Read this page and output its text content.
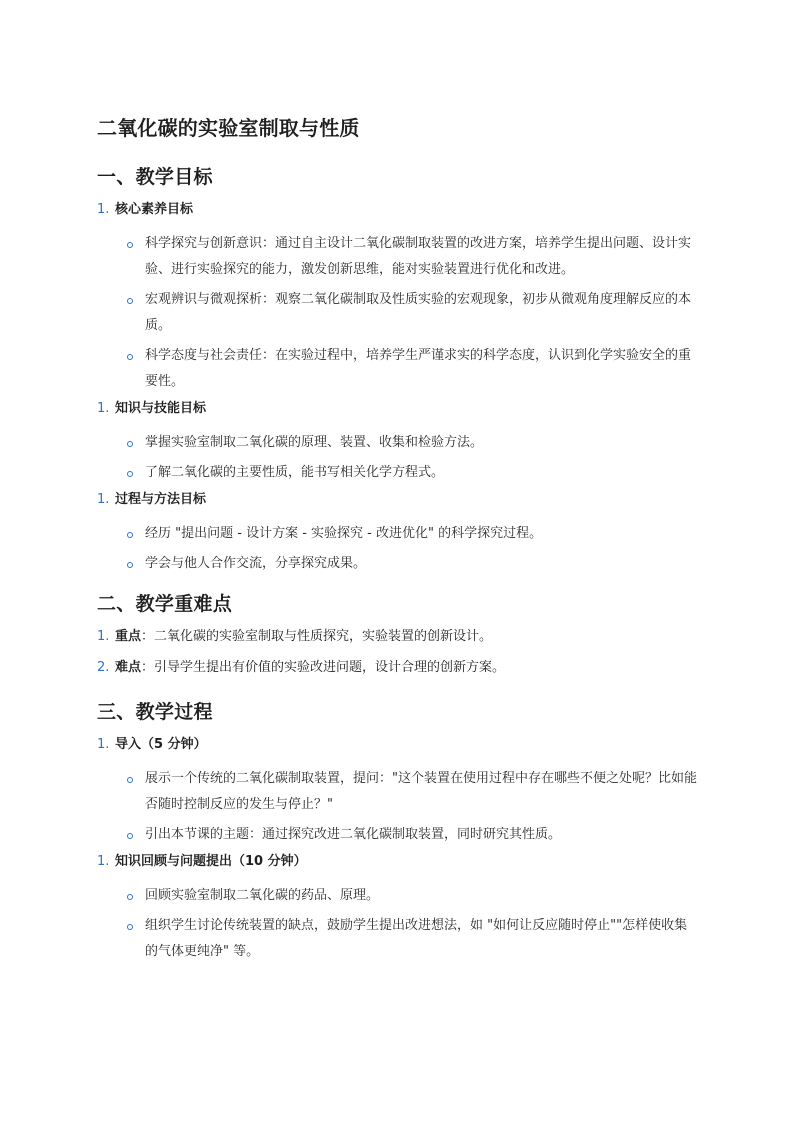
二氧化碳的实验室制取与性质
一、教学目标
1. 核心素养目标
科学探究与创新意识：通过自主设计二氧化碳制取装置的改进方案，培养学生提出问题、设计实验、进行实验探究的能力，激发创新思维，能对实验装置进行优化和改进。
宏观辨识与微观探析：观察二氧化碳制取及性质实验的宏观现象，初步从微观角度理解反应的本质。
科学态度与社会责任：在实验过程中，培养学生严谨求实的科学态度，认识到化学实验安全的重要性。
1. 知识与技能目标
掌握实验室制取二氧化碳的原理、装置、收集和检验方法。
了解二氧化碳的主要性质，能书写相关化学方程式。
1. 过程与方法目标
经历 "提出问题 - 设计方案 - 实验探究 - 改进优化" 的科学探究过程。
学会与他人合作交流，分享探究成果。
二、教学重难点
1. 重点：二氧化碳的实验室制取与性质探究，实验装置的创新设计。
2. 难点：引导学生提出有价值的实验改进问题，设计合理的创新方案。
三、教学过程
1. 导入（5 分钟）
展示一个传统的二氧化碳制取装置，提问："这个装置在使用过程中存在哪些不便之处呢？比如能否随时控制反应的发生与停止？"
引出本节课的主题：通过探究改进二氧化碳制取装置，同时研究其性质。
1. 知识回顾与问题提出（10 分钟）
回顾实验室制取二氧化碳的药品、原理。
组织学生讨论传统装置的缺点，鼓励学生提出改进想法，如 "如何让反应随时停止""怎样使收集的气体更纯净" 等。
